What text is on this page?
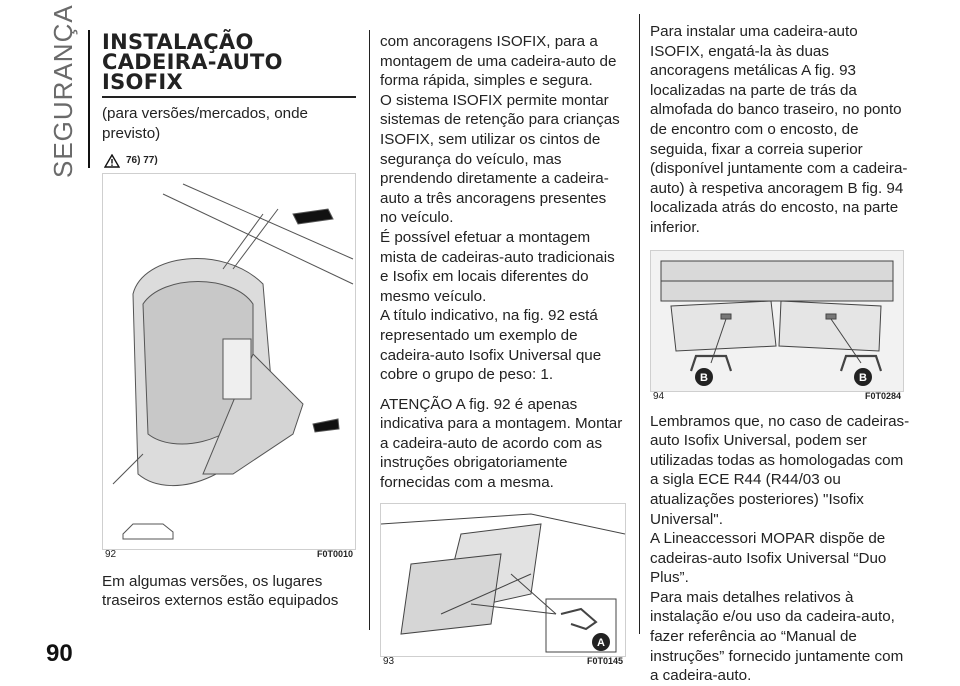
SEGURANÇA
90
INSTALAÇÃO
CADEIRA-AUTO
ISOFIX

(para versões/mercados, onde previsto)

76) 77)
92	F0T0010

Em algumas versões, os lugares traseiros externos estão equipados

com ancoragens ISOFIX, para a montagem de uma cadeira-auto de forma rápida, simples e segura.

O sistema ISOFIX permite montar sistemas de retenção para crianças ISOFIX, sem utilizar os cintos de segurança do veículo, mas prendendo diretamente a cadeira-auto a três ancoragens presentes no veículo.

É possível efetuar a montagem mista de cadeiras-auto tradicionais e Isofix em locais diferentes do mesmo veículo.

A título indicativo, na fig. 92 está representado um exemplo de cadeira-auto Isofix Universal que cobre o grupo de peso: 1.

ATENÇÃO A fig. 92 é apenas indicativa para a montagem. Montar a cadeira-auto de acordo com as instruções obrigatoriamente fornecidas com a mesma.

A
93	F0T0145

Para instalar uma cadeira-auto ISOFIX, engatá-la às duas ancoragens metálicas A fig. 93 localizadas na parte de trás da almofada do banco traseiro, no ponto de encontro com o encosto, de seguida, fixar a correia superior (disponível juntamente com a cadeira-auto) à respetiva ancoragem B fig. 94 localizada atrás do encosto, na parte inferior.

B	B
94	F0T0284

Lembramos que, no caso de cadeiras-auto Isofix Universal, podem ser utilizadas todas as homologadas com a sigla ECE R44 (R44/03 ou atualizações posteriores) "Isofix Universal".

A Lineaccessori MOPAR dispõe de cadeiras-auto Isofix Universal “Duo Plus”.

Para mais detalhes relativos à instalação e/ou uso da cadeira-auto, fazer referência ao “Manual de instruções” fornecido juntamente com a cadeira-auto.
